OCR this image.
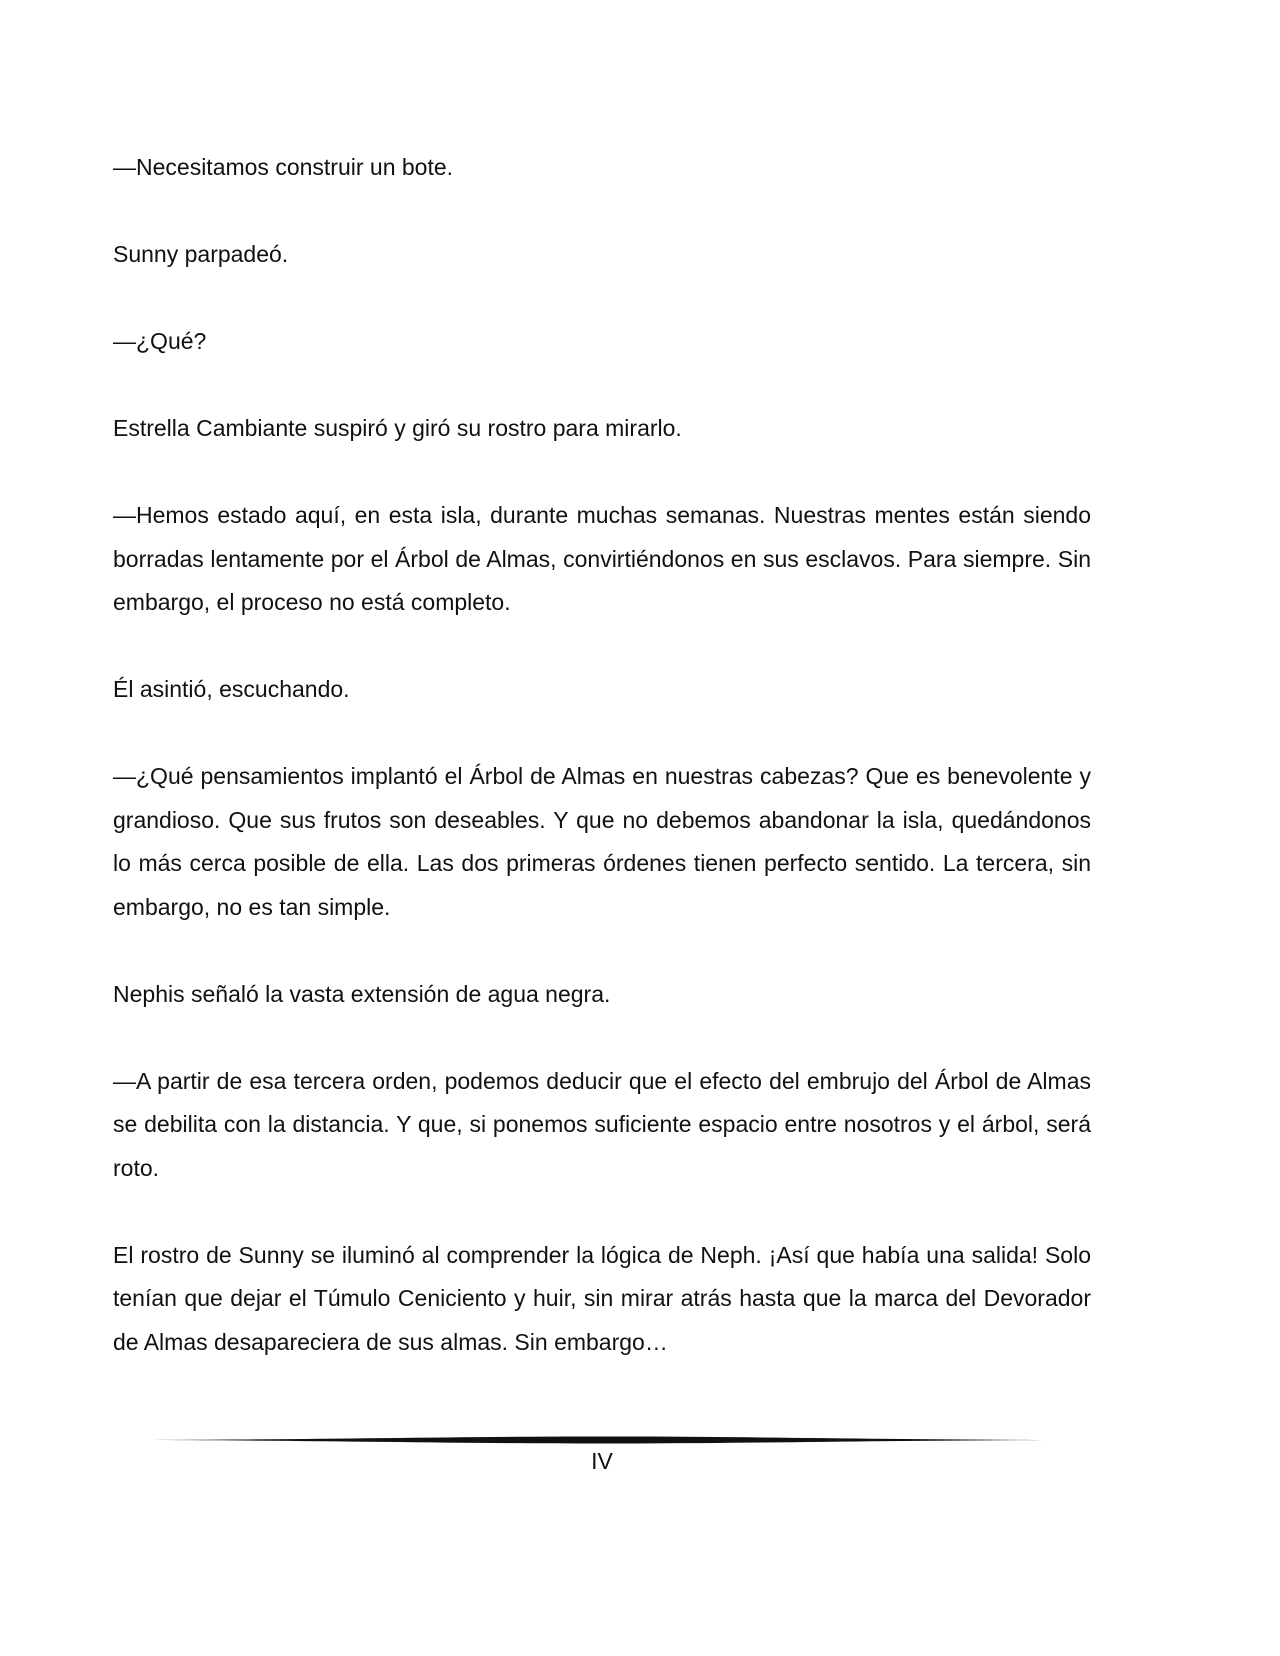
—Necesitamos construir un bote.

Sunny parpadeó.

—¿Qué?

Estrella Cambiante suspiró y giró su rostro para mirarlo.

—Hemos estado aquí, en esta isla, durante muchas semanas. Nuestras mentes están siendo borradas lentamente por el Árbol de Almas, convirtiéndonos en sus esclavos. Para siempre. Sin embargo, el proceso no está completo.

Él asintió, escuchando.

—¿Qué pensamientos implantó el Árbol de Almas en nuestras cabezas? Que es benevolente y grandioso. Que sus frutos son deseables. Y que no debemos abandonar la isla, quedándonos lo más cerca posible de ella. Las dos primeras órdenes tienen perfecto sentido. La tercera, sin embargo, no es tan simple.

Nephis señaló la vasta extensión de agua negra.

—A partir de esa tercera orden, podemos deducir que el efecto del embrujo del Árbol de Almas se debilita con la distancia. Y que, si ponemos suficiente espacio entre nosotros y el árbol, será roto.

El rostro de Sunny se iluminó al comprender la lógica de Neph. ¡Así que había una salida! Solo tenían que dejar el Túmulo Ceniciento y huir, sin mirar atrás hasta que la marca del Devorador de Almas desapareciera de sus almas. Sin embargo…

IV
